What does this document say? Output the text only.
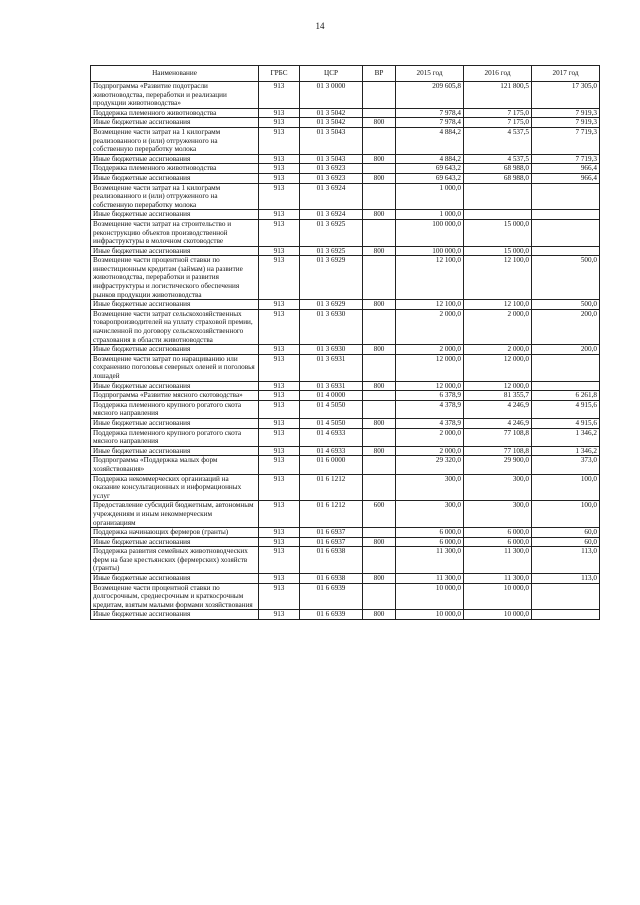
14
Наименование	ГРБС	ЦСР	ВР	2015 год	2016 год	2017 год
Подпрограмма «Развитие подотрасли животноводства, переработки и реализации продукции животноводства»	913	01 3 0000		209 605,8	121 800,5	17 305,0
Поддержка племенного животноводства	913	01 3 5042		7 978,4	7 175,0	7 919,3
Иные бюджетные ассигнования	913	01 3 5042	800	7 978,4	7 175,0	7 919,3
Возмещение части затрат на 1 килограмм реализованного и (или) отгруженного на собственную переработку молока	913	01 3 5043		4 884,2	4 537,5	7 719,3
Иные бюджетные ассигнования	913	01 3 5043	800	4 884,2	4 537,5	7 719,3
Поддержка племенного животноводства	913	01 3 6923		69 643,2	68 988,0	966,4
Иные бюджетные ассигнования	913	01 3 6923	800	69 643,2	68 988,0	966,4
Возмещение части затрат на 1 килограмм реализованного и (или) отгруженного на собственную переработку молока	913	01 3 6924		1 000,0		
Иные бюджетные ассигнования	913	01 3 6924	800	1 000,0		
Возмещение части затрат на строительство и реконструкцию объектов производственной инфраструктуры в молочном скотоводстве	913	01 3 6925		100 000,0	15 000,0	
Иные бюджетные ассигнования	913	01 3 6925	800	100 000,0	15 000,0	
Возмещение части процентной ставки по инвестиционным кредитам (займам) на развитие животноводства, переработки и развития инфраструктуры и логистического обеспечения рынков продукции животноводства	913	01 3 6929		12 100,0	12 100,0	500,0
Иные бюджетные ассигнования	913	01 3 6929	800	12 100,0	12 100,0	500,0
Возмещение части затрат сельскохозяйственных товаропроизводителей на уплату страховой премии, начисленной по договору сельскохозяйственного страхования в области животноводства	913	01 3 6930		2 000,0	2 000,0	200,0
Иные бюджетные ассигнования	913	01 3 6930	800	2 000,0	2 000,0	200,0
Возмещение части затрат по наращиванию или сохранению поголовья северных оленей и поголовья лошадей	913	01 3 6931		12 000,0	12 000,0	
Иные бюджетные ассигнования	913	01 3 6931	800	12 000,0	12 000,0	
Подпрограмма «Развитие мясного скотоводства»	913	01 4 0000		6 378,9	81 355,7	6 261,8
Поддержка племенного крупного рогатого скота мясного направления	913	01 4 5050		4 378,9	4 246,9	4 915,6
Иные бюджетные ассигнования	913	01 4 5050	800	4 378,9	4 246,9	4 915,6
Поддержка племенного крупного рогатого скота мясного направления	913	01 4 6933		2 000,0	77 108,8	1 346,2
Иные бюджетные ассигнования	913	01 4 6933	800	2 000,0	77 108,8	1 346,2
Подпрограмма «Поддержка малых форм хозяйствования»	913	01 6 0000		29 320,0	29 900,0	373,0
Поддержка некоммерческих организаций на оказание консультационных и информационных услуг	913	01 6 1212		300,0	300,0	100,0
Предоставление субсидий бюджетным, автономным учреждениям и иным некоммерческим организациям	913	01 6 1212	600	300,0	300,0	100,0
Поддержка начинающих фермеров (гранты)	913	01 6 6937		6 000,0	6 000,0	60,0
Иные бюджетные ассигнования	913	01 6 6937	800	6 000,0	6 000,0	60,0
Поддержка развития семейных животноводческих ферм на базе крестьянских (фермерских) хозяйств (гранты)	913	01 6 6938		11 300,0	11 300,0	113,0
Иные бюджетные ассигнования	913	01 6 6938	800	11 300,0	11 300,0	113,0
Возмещение части процентной ставки по долгосрочным, среднесрочным и краткосрочным кредитам, взятым малыми формами хозяйствования	913	01 6 6939		10 000,0	10 000,0	
Иные бюджетные ассигнования	913	01 6 6939	800	10 000,0	10 000,0	
